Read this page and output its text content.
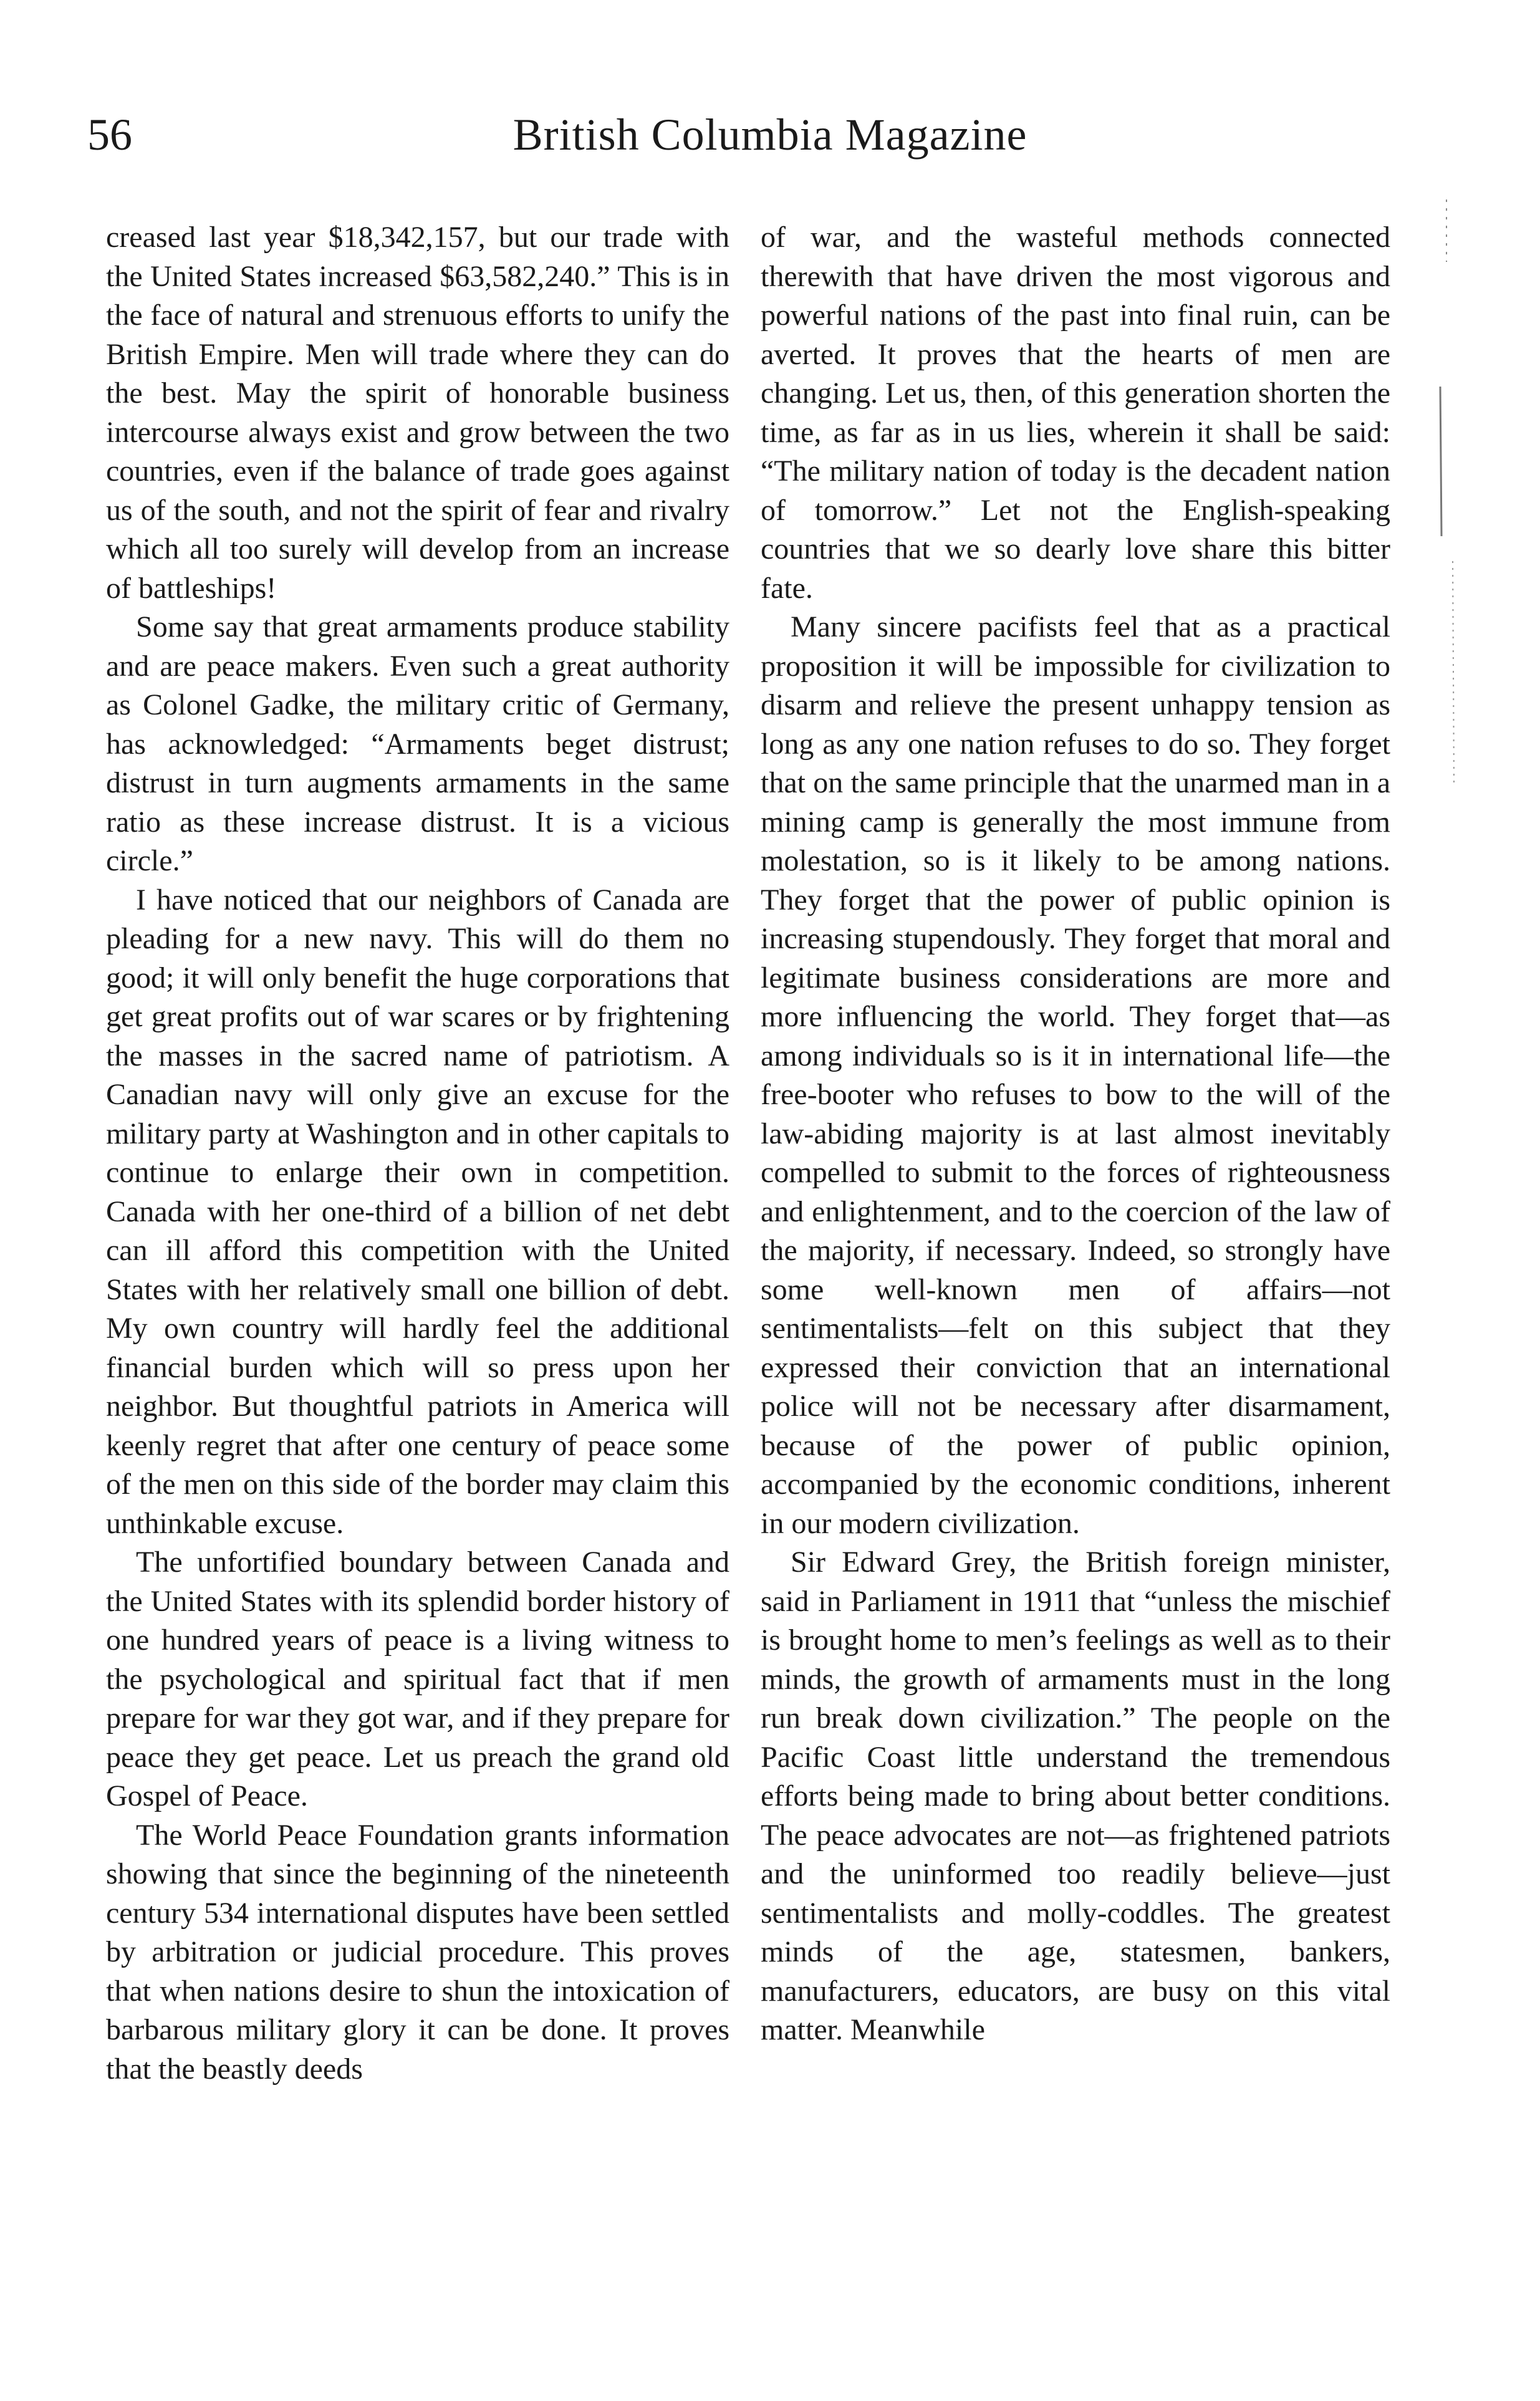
56	British Columbia Magazine

creased last year $18,342,157, but our trade with the United States increased $63,582,240.” This is in the face of natural and strenuous efforts to unify the British Empire. Men will trade where they can do the best. May the spirit of honorable business intercourse always exist and grow between the two countries, even if the balance of trade goes against us of the south, and not the spirit of fear and rivalry which all too surely will develop from an increase of battleships!

Some say that great armaments produce stability and are peace makers. Even such a great authority as Colonel Gadke, the military critic of Germany, has acknowledged: “Armaments beget distrust; distrust in turn augments armaments in the same ratio as these increase distrust. It is a vicious circle.”

I have noticed that our neighbors of Canada are pleading for a new navy. This will do them no good; it will only benefit the huge corporations that get great profits out of war scares or by frightening the masses in the sacred name of patriotism. A Canadian navy will only give an excuse for the military party at Washington and in other capitals to continue to enlarge their own in competition. Canada with her one-third of a billion of net debt can ill afford this competition with the United States with her relatively small one billion of debt. My own country will hardly feel the additional financial burden which will so press upon her neighbor. But thoughtful patriots in America will keenly regret that after one century of peace some of the men on this side of the border may claim this unthinkable excuse.

The unfortified boundary between Canada and the United States with its splendid border history of one hundred years of peace is a living witness to the psychological and spiritual fact that if men prepare for war they got war, and if they prepare for peace they get peace. Let us preach the grand old Gospel of Peace.

The World Peace Foundation grants information showing that since the beginning of the nineteenth century 534 international disputes have been settled by arbitration or judicial procedure. This proves that when nations desire to shun the intoxication of barbarous military glory it can be done. It proves that the beastly deeds

of war, and the wasteful methods connected therewith that have driven the most vigorous and powerful nations of the past into final ruin, can be averted. It proves that the hearts of men are changing. Let us, then, of this generation shorten the time, as far as in us lies, wherein it shall be said: “The military nation of today is the decadent nation of tomorrow.” Let not the English-speaking countries that we so dearly love share this bitter fate.

Many sincere pacifists feel that as a practical proposition it will be impossible for civilization to disarm and relieve the present unhappy tension as long as any one nation refuses to do so. They forget that on the same principle that the unarmed man in a mining camp is generally the most immune from molestation, so is it likely to be among nations. They forget that the power of public opinion is increasing stupendously. They forget that moral and legitimate business considerations are more and more influencing the world. They forget that—as among individuals so is it in international life—the free-booter who refuses to bow to the will of the law-abiding majority is at last almost inevitably compelled to submit to the forces of righteousness and enlightenment, and to the coercion of the law of the majority, if necessary. Indeed, so strongly have some well-known men of affairs—not sentimentalists—felt on this subject that they expressed their conviction that an international police will not be necessary after disarmament, because of the power of public opinion, accompanied by the economic conditions, inherent in our modern civilization.

Sir Edward Grey, the British foreign minister, said in Parliament in 1911 that “unless the mischief is brought home to men’s feelings as well as to their minds, the growth of armaments must in the long run break down civilization.” The people on the Pacific Coast little understand the tremendous efforts being made to bring about better conditions. The peace advocates are not—as frightened patriots and the uninformed too readily believe—just sentimentalists and molly-coddles. The greatest minds of the age, statesmen, bankers, manufacturers, educators, are busy on this vital matter. Meanwhile
